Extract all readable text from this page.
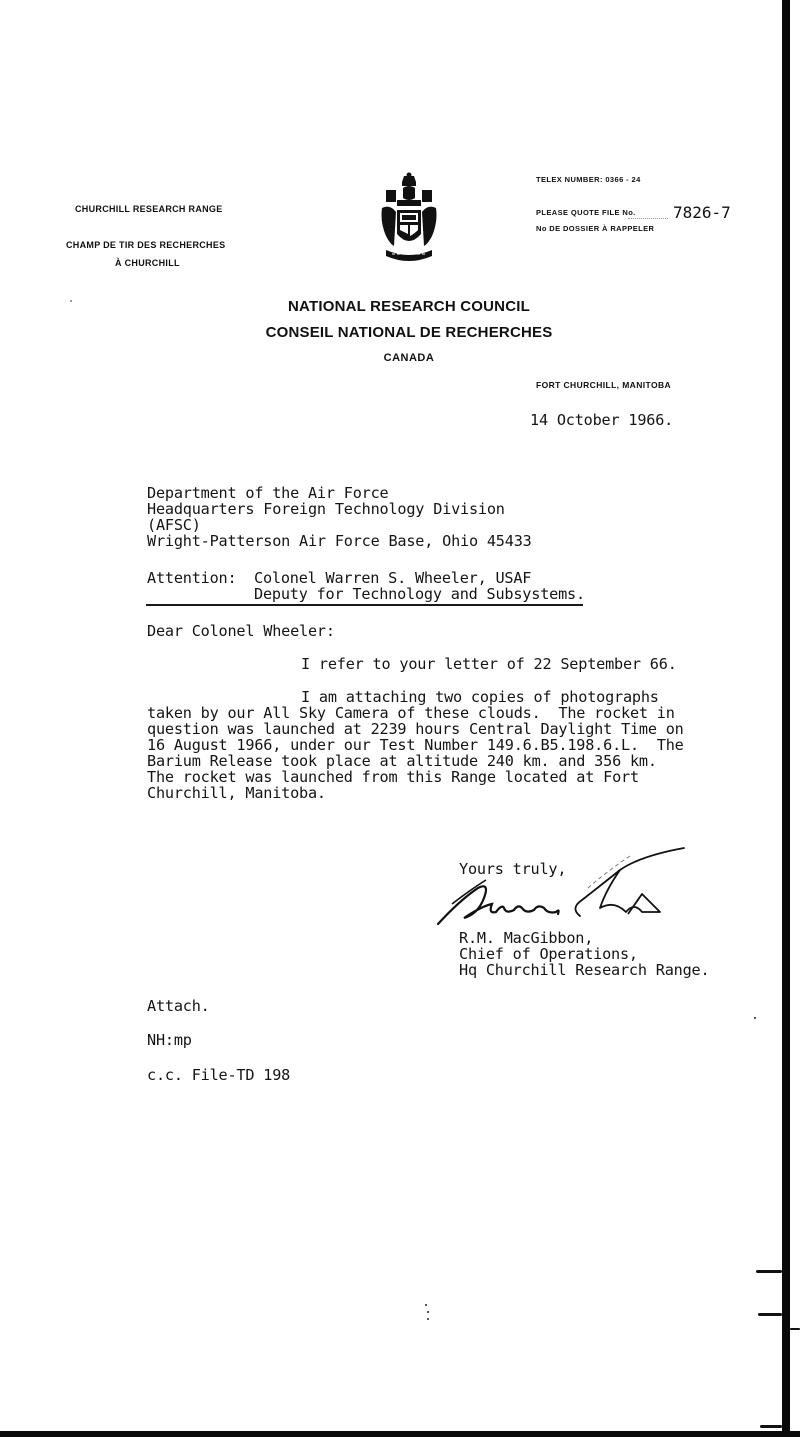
CHURCHILL RESEARCH RANGE
CHAMP DE TIR DES RECHERCHES
À CHURCHILL
TELEX NUMBER: 0366 - 24
PLEASE QUOTE FILE No. 7826-7
No DE DOSSIER À RAPPELER
NATIONAL RESEARCH COUNCIL
CONSEIL NATIONAL DE RECHERCHES
CANADA
FORT CHURCHILL, MANITOBA
14 October 1966.
Department of the Air Force
Headquarters Foreign Technology Division
(AFSC)
Wright-Patterson Air Force Base, Ohio 45433
Attention: Colonel Warren S. Wheeler, USAF
Deputy for Technology and Subsystems.
Dear Colonel Wheeler:
I refer to your letter of 22 September 66.
I am attaching two copies of photographs
taken by our All Sky Camera of these clouds.  The rocket in
question was launched at 2239 hours Central Daylight Time on
16 August 1966, under our Test Number 149.6.B5.198.6.L.  The
Barium Release took place at altitude 240 km. and 356 km.
The rocket was launched from this Range located at Fort
Churchill, Manitoba.
Yours truly,
R.M. MacGibbon,
Chief of Operations,
Hq Churchill Research Range.
Attach.
NH:mp
c.c. File-TD 198
